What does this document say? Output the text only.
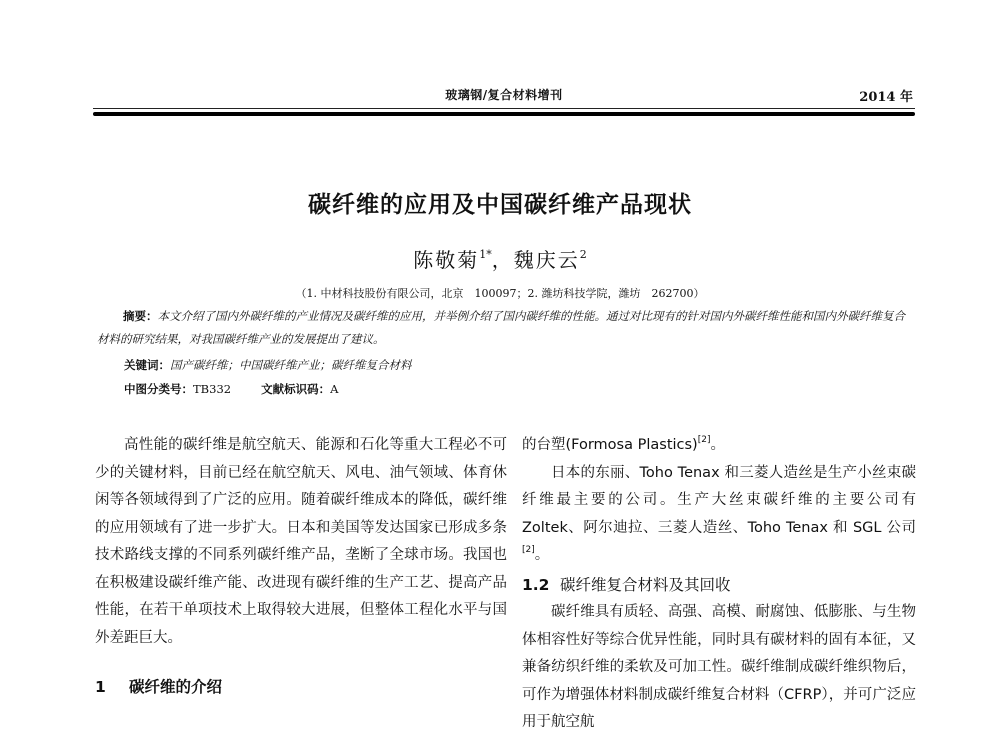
玻璃钢/复合材料增刊	2014 年
碳纤维的应用及中国碳纤维产品现状
陈敬菊$^{1*}$，魏庆云$^2$
（1. 中材科技股份有限公司，北京　100097；2. 潍坊科技学院，潍坊　262700）
摘要：本文介绍了国内外碳纤维的产业情况及碳纤维的应用，并举例介绍了国内碳纤维的性能。通过对比现有的针对国内外碳纤维性能和国内外碳纤维复合材料的研究结果，对我国碳纤维产业的发展提出了建议。
关键词：国产碳纤维；中国碳纤维产业；碳纤维复合材料
中图分类号：TB332	文献标识码：A

高性能的碳纤维是航空航天、能源和石化等重大工程必不可少的关键材料，目前已经在航空航天、风电、油气领域、体育休闲等各领域得到了广泛的应用。随着碳纤维成本的降低，碳纤维的应用领域有了进一步扩大。日本和美国等发达国家已形成多条技术路线支撑的不同系列碳纤维产品，垄断了全球市场。我国也在积极建设碳纤维产能、改进现有碳纤维的生产工艺、提高产品性能，在若干单项技术上取得较大进展，但整体工程化水平与国外差距巨大。

1 碳纤维的介绍

的台塑(Formosa Plastics)[2]。

日本的东丽、Toho Tenax 和三菱人造丝是生产小丝束碳纤维最主要的公司。生产大丝束碳纤维的主要公司有 Zoltek、阿尔迪拉、三菱人造丝、Toho Tenax 和 SGL 公司[2]。

1.2 碳纤维复合材料及其回收

碳纤维具有质轻、高强、高模、耐腐蚀、低膨胀、与生物体相容性好等综合优异性能，同时具有碳材料的固有本征，又兼备纺织纤维的柔软及可加工性。碳纤维制成碳纤维织物后，可作为增强体材料制成碳纤维复合材料（CFRP），并可广泛应用于航空航
